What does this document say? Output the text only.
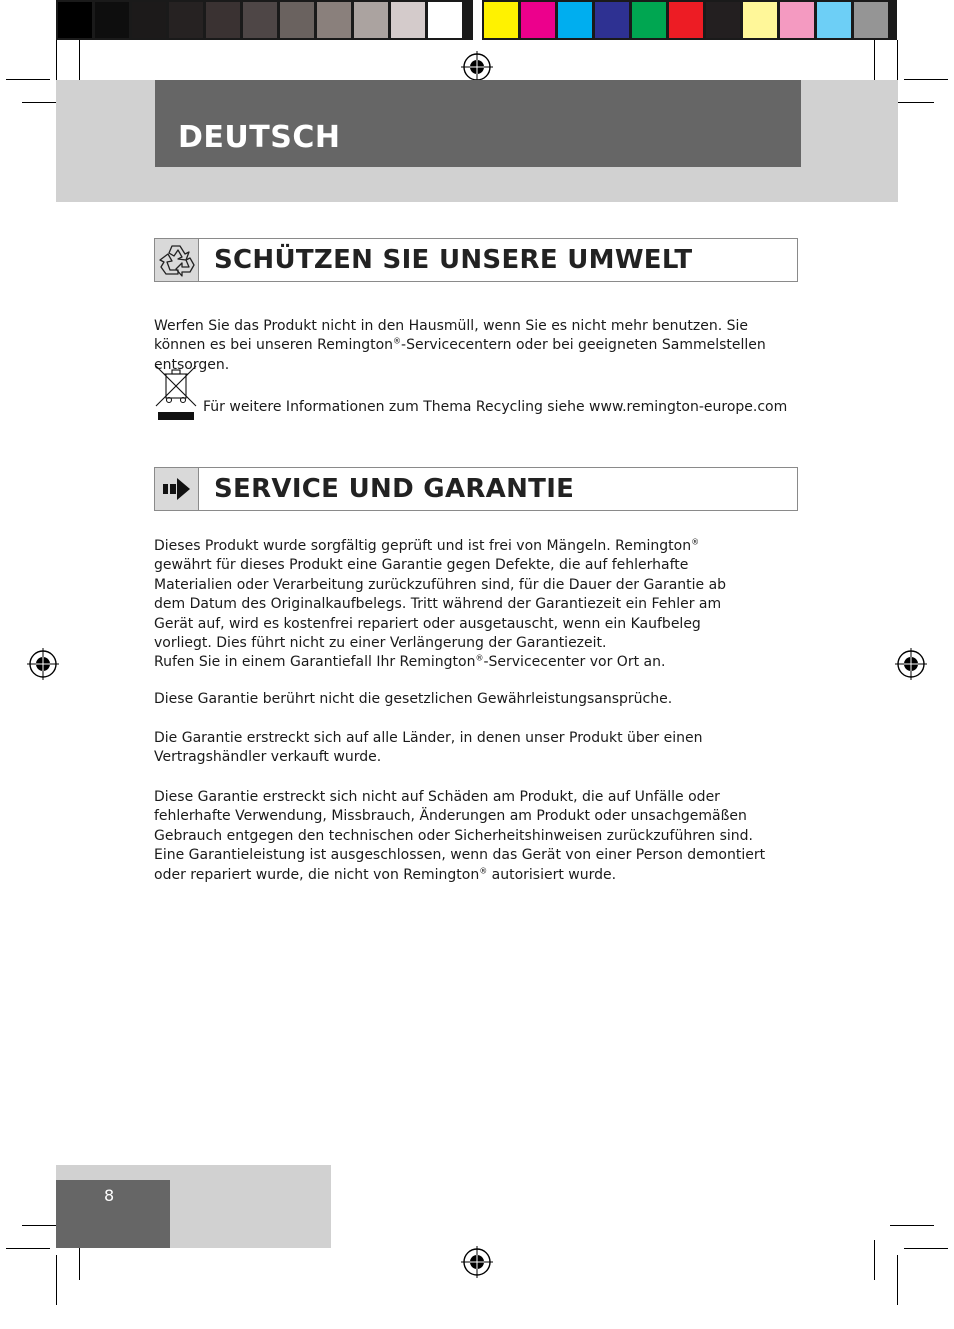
DEUTSCH
SCHÜTZEN SIE UNSERE UMWELT

Werfen Sie das Produkt nicht in den Hausmüll, wenn Sie es nicht mehr benutzen. Sie können es bei unseren Remington®-Servicecentern oder bei geeigneten Sammelstellen entsorgen.

Für weitere Informationen zum Thema Recycling siehe www.remington-europe.com
SERVICE UND GARANTIE

Dieses Produkt wurde sorgfältig geprüft und ist frei von Mängeln. Remington® gewährt für dieses Produkt eine Garantie gegen Defekte, die auf fehlerhafte Materialien oder Verarbeitung zurückzuführen sind, für die Dauer der Garantie ab dem Datum des Originalkaufbelegs. Tritt während der Garantiezeit ein Fehler am Gerät auf, wird es kostenfrei repariert oder ausgetauscht, wenn ein Kaufbeleg vorliegt. Dies führt nicht zu einer Verlängerung der Garantiezeit.
Rufen Sie in einem Garantiefall Ihr Remington®-Servicecenter vor Ort an.

Diese Garantie berührt nicht die gesetzlichen Gewährleistungsansprüche.

Die Garantie erstreckt sich auf alle Länder, in denen unser Produkt über einen Vertragshändler verkauft wurde.

Diese Garantie erstreckt sich nicht auf Schäden am Produkt, die auf Unfälle oder fehlerhafte Verwendung, Missbrauch, Änderungen am Produkt oder unsachgemäßen Gebrauch entgegen den technischen oder Sicherheitshinweisen zurückzuführen sind. Eine Garantieleistung ist ausgeschlossen, wenn das Gerät von einer Person demontiert oder repariert wurde, die nicht von Remington® autorisiert wurde.

8
